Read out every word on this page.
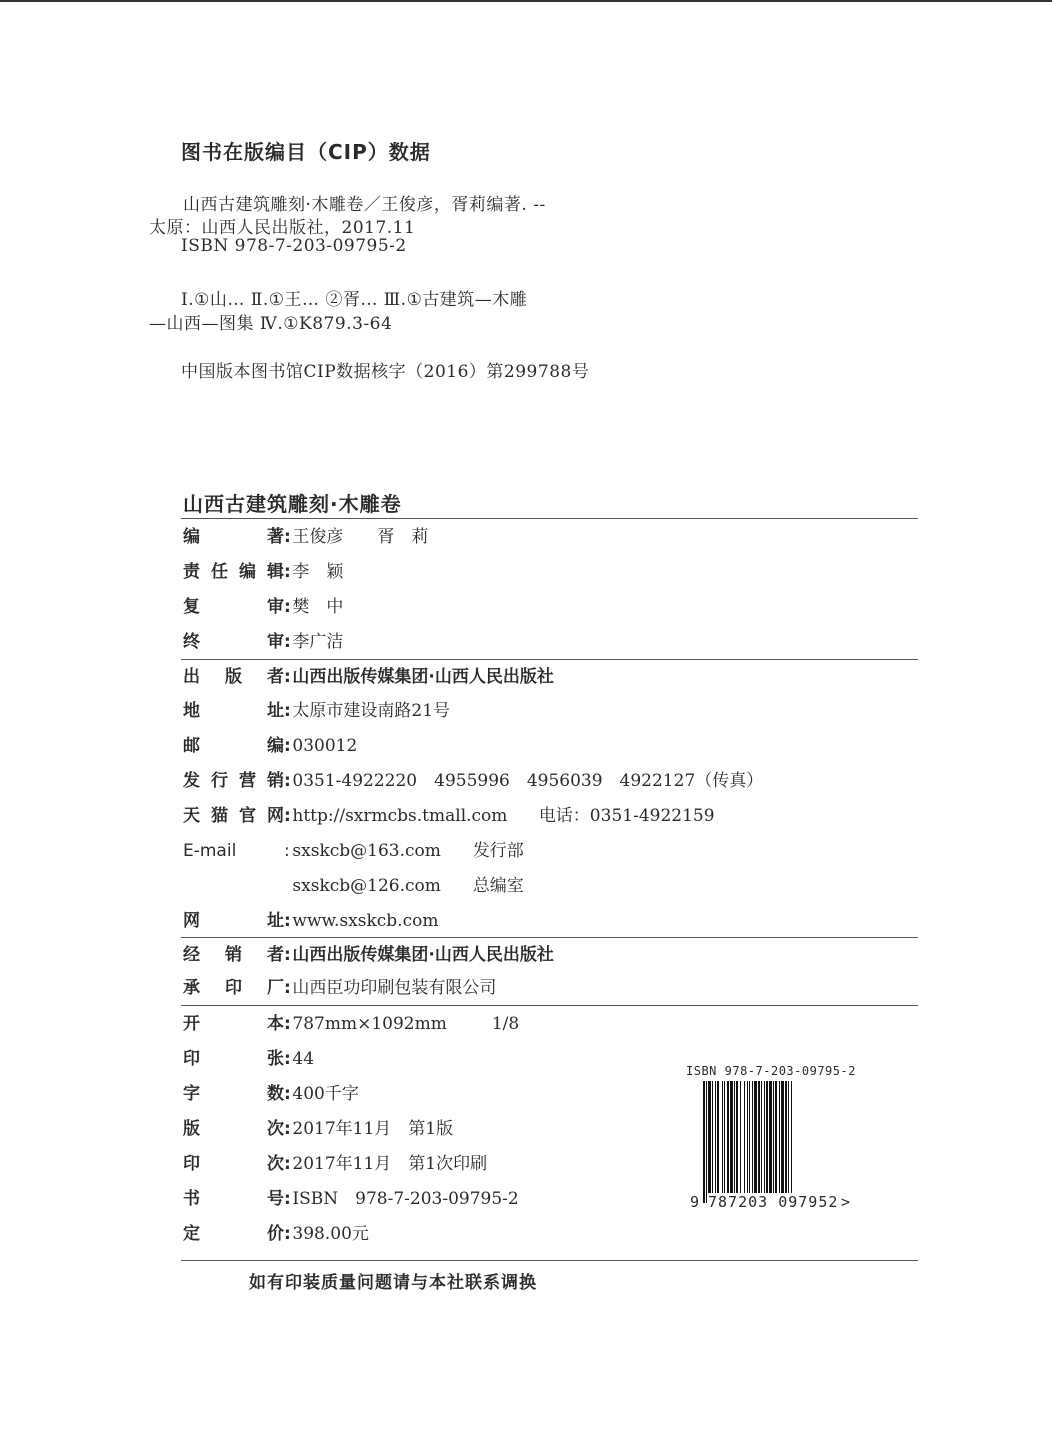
图书在版编目（CIP）数据
山西古建筑雕刻·木雕卷／王俊彦，胥莉编著. --
太原：山西人民出版社，2017.11
ISBN 978-7-203-09795-2
Ⅰ.①山… Ⅱ.①王… ②胥… Ⅲ.①古建筑—木雕
—山西—图集 Ⅳ.①K879.3-64
中国版本图书馆CIP数据核字（2016）第299788号
山西古建筑雕刻·木雕卷
编著: 王俊彦　　胥　莉
责任编辑: 李　颖
复审: 樊　中
终审: 李广洁
出版者: 山西出版传媒集团·山西人民出版社
地址: 太原市建设南路21号
邮编: 030012
发行营销: 0351-4922220　4955996　4956039　4922127（传真）
天猫官网: http://sxrmcbs.tmall.com 电话：0351-4922159
E-mail	: sxskcb@163.com 发行部
sxskcb@126.com 总编室
网址: www.sxskcb.com
经销者: 山西出版传媒集团·山西人民出版社
承印厂: 山西臣功印刷包装有限公司
开本: 787mm×1092mm	1/8
印张: 44
字数: 400千字
版次: 2017年11月　第1版
印次: 2017年11月　第1次印刷
书号: ISBN　978-7-203-09795-2
定价: 398.00元
ISBN 978-7-203-09795-2
9 787203 097952 >
如有印装质量问题请与本社联系调换
